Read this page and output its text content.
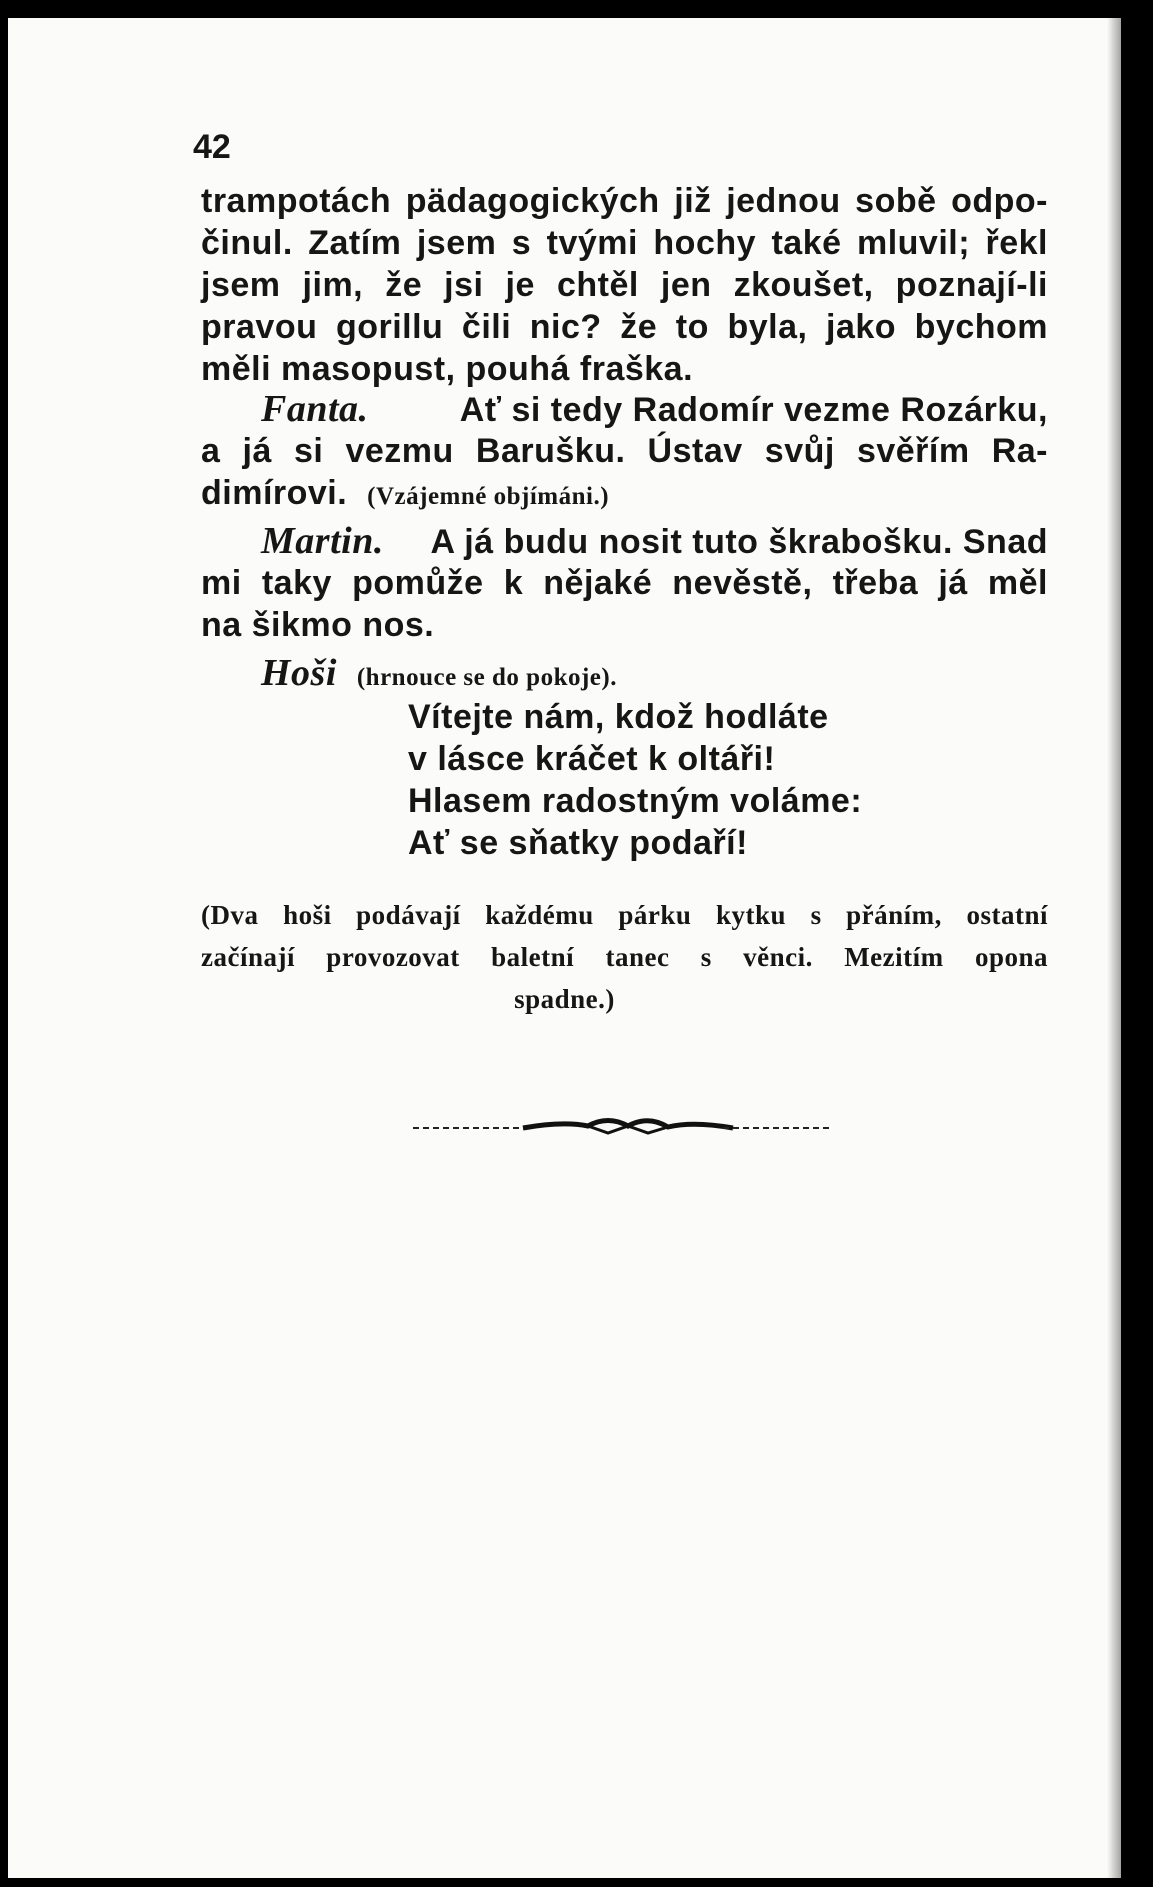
42
trampotách pädagogických již jednou sobě odpo-
činul. Zatím jsem s tvými hochy také mluvil; řekl
jsem jim, že jsi je chtěl jen zkoušet, poznají-li
pravou gorillu čili nic? že to byla, jako bychom
měli masopust, pouhá fraška.
Fanta.	Ať si tedy Radomír vezme Rozárku,
a já si vezmu Barušku. Ústav svůj svěřím Ra-
dimírovi. (Vzájemné objímáni.)
Martin. A já budu nosit tuto škrabošku. Snad
mi taky pomůže k nějaké nevěstě, třeba já měl
na šikmo nos.
Hoši (hrnouce se do pokoje).
Vítejte nám, kdož hodláte
v lásce kráčet k oltáři!
Hlasem radostným voláme:
Ať se sňatky podaří!
(Dva hoši podávají každému párku kytku s přáním, ostatní
začínají provozovat baletní tanec s věnci. Mezitím opona
spadne.)
